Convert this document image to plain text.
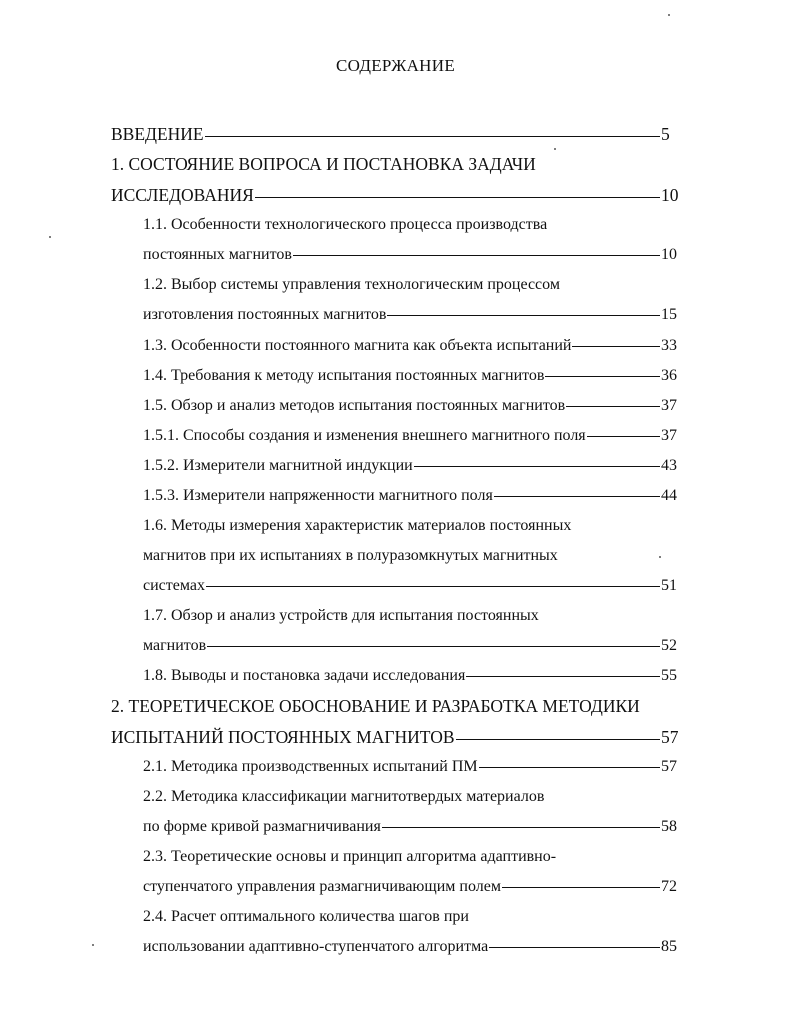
СОДЕРЖАНИЕ
ВВЕДЕНИЕ	5
1. СОСТОЯНИЕ ВОПРОСА И ПОСТАНОВКА ЗАДАЧИ
ИССЛЕДОВАНИЯ	10
1.1. Особенности технологического процесса производства
постоянных магнитов	10
1.2. Выбор системы управления технологическим процессом
изготовления постоянных магнитов	15
1.3. Особенности постоянного магнита как объекта испытаний	33
1.4. Требования к методу испытания постоянных магнитов	36
1.5. Обзор и анализ методов испытания постоянных магнитов	37
1.5.1. Способы создания и изменения внешнего магнитного поля	37
1.5.2. Измерители магнитной индукции	43
1.5.3. Измерители напряженности магнитного поля	44
1.6. Методы измерения характеристик материалов постоянных
магнитов при их испытаниях в полуразомкнутых магнитных
системах	51
1.7. Обзор и анализ устройств для испытания постоянных
магнитов	52
1.8. Выводы и постановка задачи исследования	55
2. ТЕОРЕТИЧЕСКОЕ ОБОСНОВАНИЕ И РАЗРАБОТКА МЕТОДИКИ
ИСПЫТАНИЙ ПОСТОЯННЫХ МАГНИТОВ	57
2.1. Методика производственных испытаний ПМ	57
2.2. Методика классификации магнитотвердых материалов
по форме кривой размагничивания	58
2.3. Теоретические основы и принцип алгоритма адаптивно-
ступенчатого управления размагничивающим полем	72
2.4. Расчет оптимального количества шагов при
использовании адаптивно-ступенчатого алгоритма	85
